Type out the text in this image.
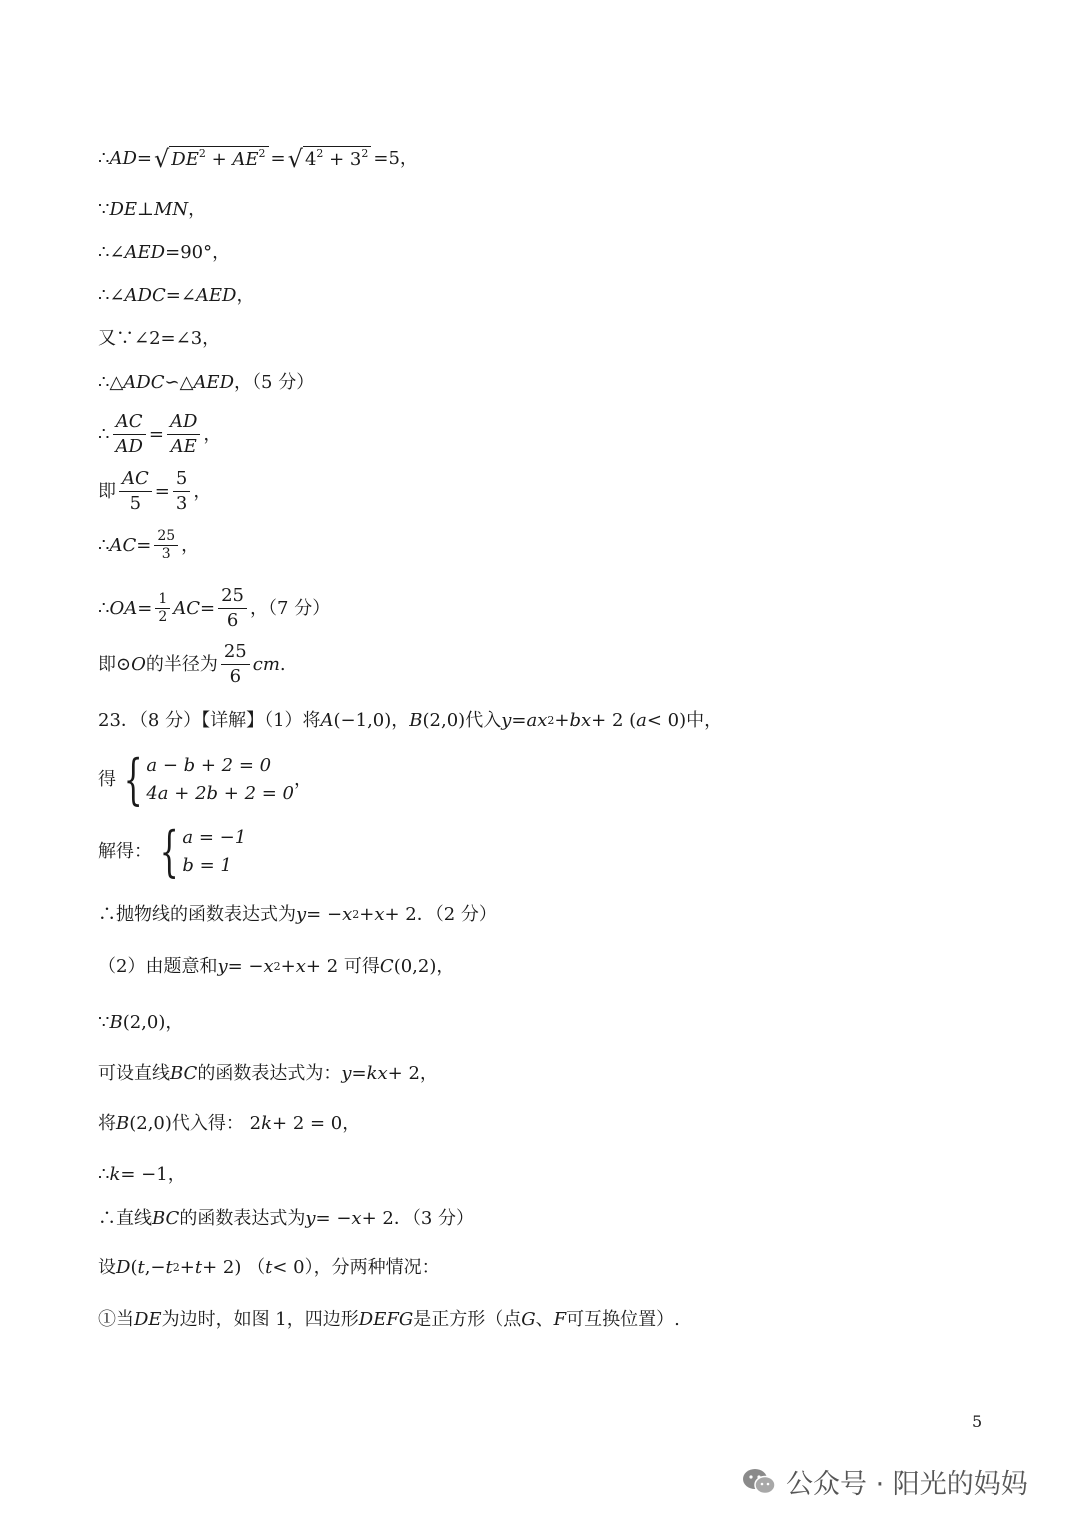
∴ AD = √ $DE^2 + AE^2$ = √ $4^2 + 3^2 =5$，
∵ DE ⊥ MN ，
∴∠ AED =90°，
∴∠ ADC =∠ AED ，
又∵∠2=∠3，
∴△ ADC ∽△ AED ，（5 分）
∴ $\frac{AC}{AD} = \frac{AD}{AE}$ ，
即 $\frac{AC}{5} = \frac{5}{3}$ ，
∴ AC = $\frac{25}{3}$ ，
∴ OA = $\frac{1}{2}$ AC = $\frac{25}{6}$ ，（7 分）
即⊙ O 的半径为 $\frac{25}{6}$ cm .
23．（8 分）【详解】（1）将 A (−1,0)， B (2,0) 代入 y = ax 2 + bx + 2 ( a < 0) 中，
得 { a − b + 2 = 0
4a + 2b + 2 = 0
，
解得： { a = −1
b = 1
∴抛物线的函数表达式为 y = − x 2 + x + 2．（2 分）
（2）由题意和 y = − x 2 + x + 2 可得 C (0,2)，
∵ B (2,0)，
可设直线 BC 的函数表达式为： y = kx + 2，
将 B (2,0) 代入得： 2 k + 2 = 0，
∴ k = −1，
∴直线 BC 的函数表达式为 y = − x + 2．（3 分）
设 D ( t ,− t 2 + t + 2) （ t < 0），分两种情况：
①当 DE 为边时，如图 1，四边形 DEFG 是正方形（点 G 、 F 可互换位置）.
5
公众号 · 阳光的妈妈
